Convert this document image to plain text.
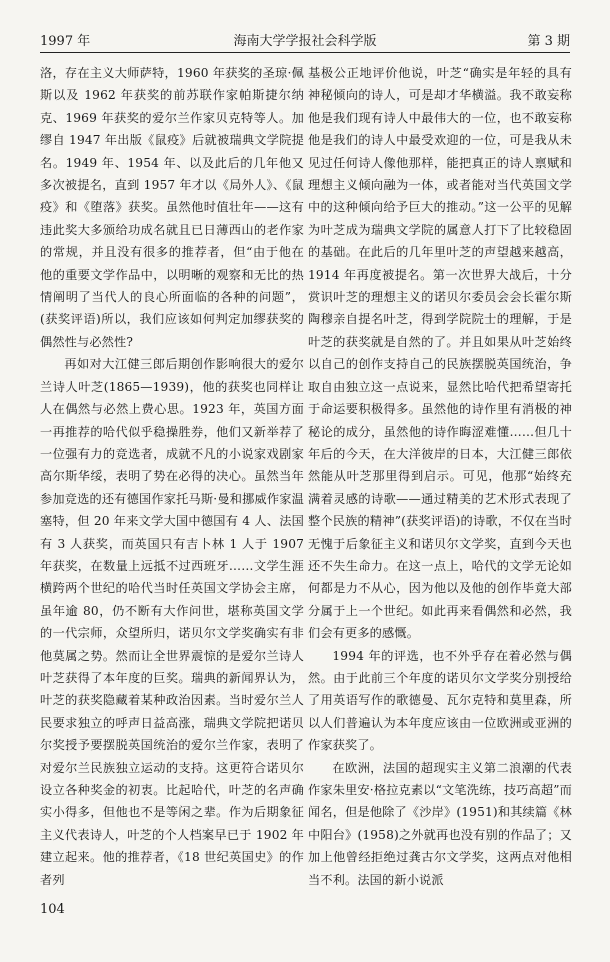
1997 年	海南大学学报社会科学版	第 3 期

洛，存在主义大师萨特，1960 年获奖的圣琼·佩斯以及 1962 年获奖的前苏联作家帕斯捷尔纳克、1969 年获奖的爱尔兰作家贝克特等人。加缪自 1947 年出版《鼠疫》后就被瑞典文学院提名。1949 年、1954 年、以及此后的几年他又多次被提名，直到 1957 年才以《局外人》、《鼠疫》和《堕落》获奖。虽然他时值壮年——这有违此奖大多颁给功成名就且已日薄西山的老作家的常规，并且没有很多的推荐者，但“由于他在他的重要文学作品中，以明晰的观察和无比的热情阐明了当代人的良心所面临的各种的问题”，(获奖评语)所以，我们应该如何判定加缪获奖的偶然性与必然性?

再如对大江健三郎后期创作影响很大的爱尔兰诗人叶芝(1865—1939)，他的获奖也同样让人在偶然与必然上费心思。1923 年，英国方面一再推荐的哈代似乎稳操胜券，他们又新举荐了一位强有力的竞选者，成就不凡的小说家戏剧家高尔斯华绥，表明了势在必得的决心。虽然当年参加竞选的还有德国作家托马斯·曼和挪威作家温塞特，但 20 年来文学大国中德国有 4 人、法国有 3 人获奖，而英国只有吉卜林 1 人于 1907 年获奖，在数量上远抵不过西班牙……文学生涯横跨两个世纪的哈代当时任英国文学协会主席，虽年逾 80，仍不断有大作问世，堪称英国文学的一代宗师，众望所归，诺贝尔文学奖确实有非他莫属之势。然而让全世界震惊的是爱尔兰诗人叶芝获得了本年度的巨奖。瑞典的新闻界认为，叶芝的获奖隐藏着某种政治因素。当时爱尔兰人民要求独立的呼声日益高涨，瑞典文学院把诺贝尔奖授予要摆脱英国统治的爱尔兰作家，表明了对爱尔兰民族独立运动的支持。这更符合诺贝尔设立各种奖金的初衷。比起哈代，叶芝的名声确实小得多，但他也不是等闲之辈。作为后期象征主义代表诗人，叶芝的个人档案早已于 1902 年建立起来。他的推荐者，《18 世纪英国史》的作者列

基极公正地评价他说，叶芝“确实是年轻的具有神秘倾向的诗人，可是却才华横溢。我不敢妄称他是我们现有诗人中最伟大的一位，也不敢妄称他是我们的诗人中最受欢迎的一位，可是我从未见过任何诗人像他那样，能把真正的诗人禀赋和理想主义倾向融为一体，或者能对当代英国文学中的这种倾向给予巨大的推动。”这一公平的见解为叶芝成为瑞典文学院的属意人打下了比较稳固的基础。在此后的几年里叶芝的声望越来越高，1914 年再度被提名。第一次世界大战后，十分赏识叶芝的理想主义的诺贝尔委员会会长霍尔斯陶穆亲自提名叶芝，得到学院院士的理解，于是叶芝的获奖就是自然的了。并且如果从叶芝始终以自己的创作支持自己的民族摆脱英国统治，争取自由独立这一点说来，显然比哈代把希望寄托于命运要积极得多。虽然他的诗作里有消极的神秘论的成分，虽然他的诗作晦涩难懂……但几十年后的今天，在大洋彼岸的日本，大江健三郎依然能从叶芝那里得到启示。可见，他那“始终充满着灵感的诗歌——通过精美的艺术形式表现了整个民族的精神”(获奖评语)的诗歌，不仅在当时无愧于后象征主义和诺贝尔文学奖，直到今天也还不失生命力。在这一点上，哈代的文学无论如何都是力不从心，因为他以及他的创作毕竟大部分属于上一个世纪。如此再来看偶然和必然，我们会有更多的感慨。

1994 年的评选，也不外乎存在着必然与偶然。由于此前三个年度的诺贝尔文学奖分别授给了用英语写作的歌德曼、瓦尔克特和莫里森，所以人们普遍认为本年度应该由一位欧洲或亚洲的作家获奖了。

在欧洲，法国的超现实主义第二浪潮的代表作家朱里安·格拉克素以“文笔洗练，技巧高超”而闻名，但是他除了《沙岸》(1951)和其续篇《林中阳台》(1958)之外就再也没有别的作品了；又加上他曾经拒绝过龚古尔文学奖，这两点对他相当不利。法国的新小说派

104
